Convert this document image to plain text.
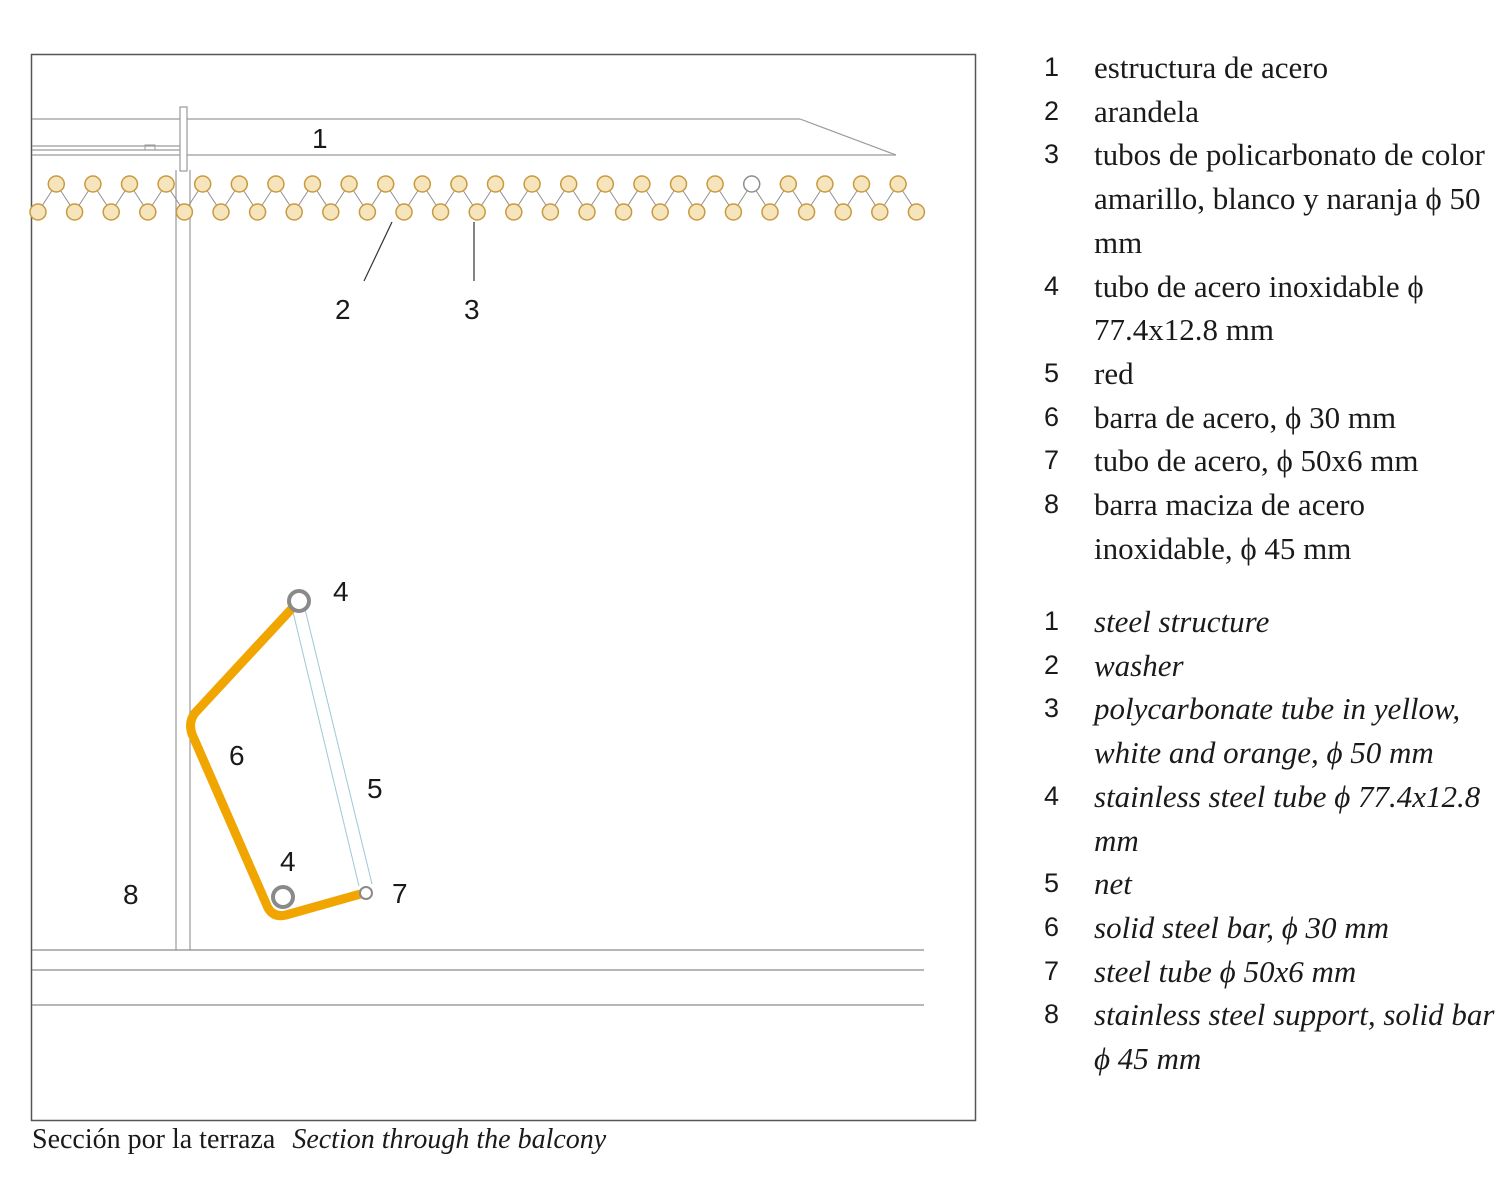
1
2	3
4
4
5
6
7
8
1	estructura de acero
2	arandela
3	tubos de policarbonato de color amarillo, blanco y naranja ϕ 50 mm
4	tubo de acero inoxidable ϕ 77.4x12.8 mm
5	red
6	barra de acero, ϕ 30 mm
7	tubo de acero, ϕ 50x6 mm
8	barra maciza de acero inoxidable, ϕ 45 mm
1	steel structure
2	washer
3	polycarbonate tube in yellow, white and orange, ϕ 50 mm
4	stainless steel tube ϕ 77.4x12.8 mm
5	net
6	solid steel bar, ϕ 30 mm
7	steel tube ϕ 50x6 mm
8	stainless steel support, solid bar ϕ 45 mm
Sección por la terraza Section through the balcony
